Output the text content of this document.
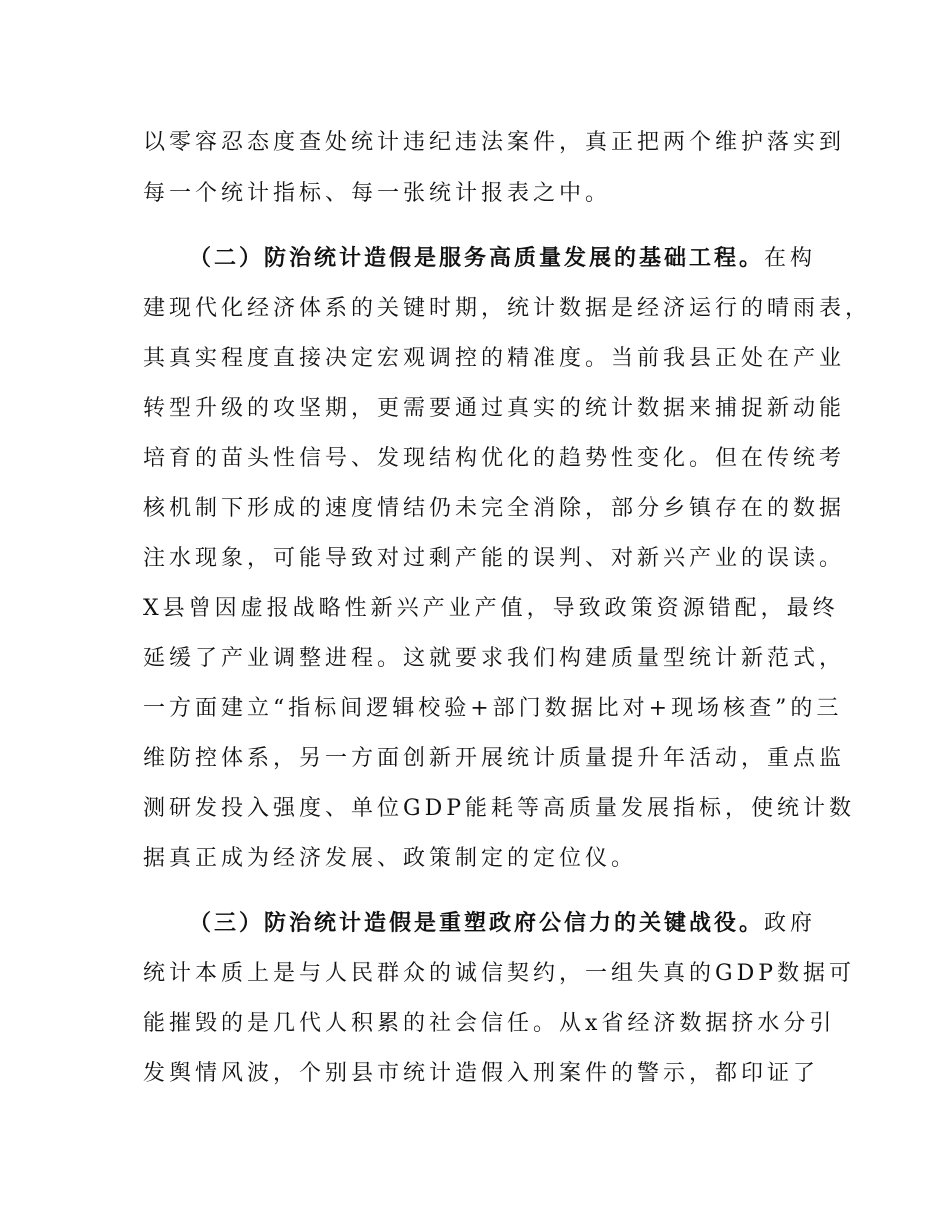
以零容忍态度查处统计违纪违法案件，真正把两个维护落实到
每一个统计指标、每一张统计报表之中。
（二）防治统计造假是服务高质量发展的基础工程。在构
建现代化经济体系的关键时期，统计数据是经济运行的晴雨表，
其真实程度直接决定宏观调控的精准度。当前我县正处在产业
转型升级的攻坚期，更需要通过真实的统计数据来捕捉新动能
培育的苗头性信号、发现结构优化的趋势性变化。但在传统考
核机制下形成的速度情结仍未完全消除，部分乡镇存在的数据
注水现象，可能导致对过剩产能的误判、对新兴产业的误读。
X县曾因虚报战略性新兴产业产值，导致政策资源错配，最终
延缓了产业调整进程。这就要求我们构建质量型统计新范式，
一方面建立“指标间逻辑校验+部门数据比对+现场核查”的三
维防控体系，另一方面创新开展统计质量提升年活动，重点监
测研发投入强度、单位GDP能耗等高质量发展指标，使统计数
据真正成为经济发展、政策制定的定位仪。
（三）防治统计造假是重塑政府公信力的关键战役。政府
统计本质上是与人民群众的诚信契约，一组失真的GDP数据可
能摧毁的是几代人积累的社会信任。从x省经济数据挤水分引
发舆情风波，个别县市统计造假入刑案件的警示，都印证了
